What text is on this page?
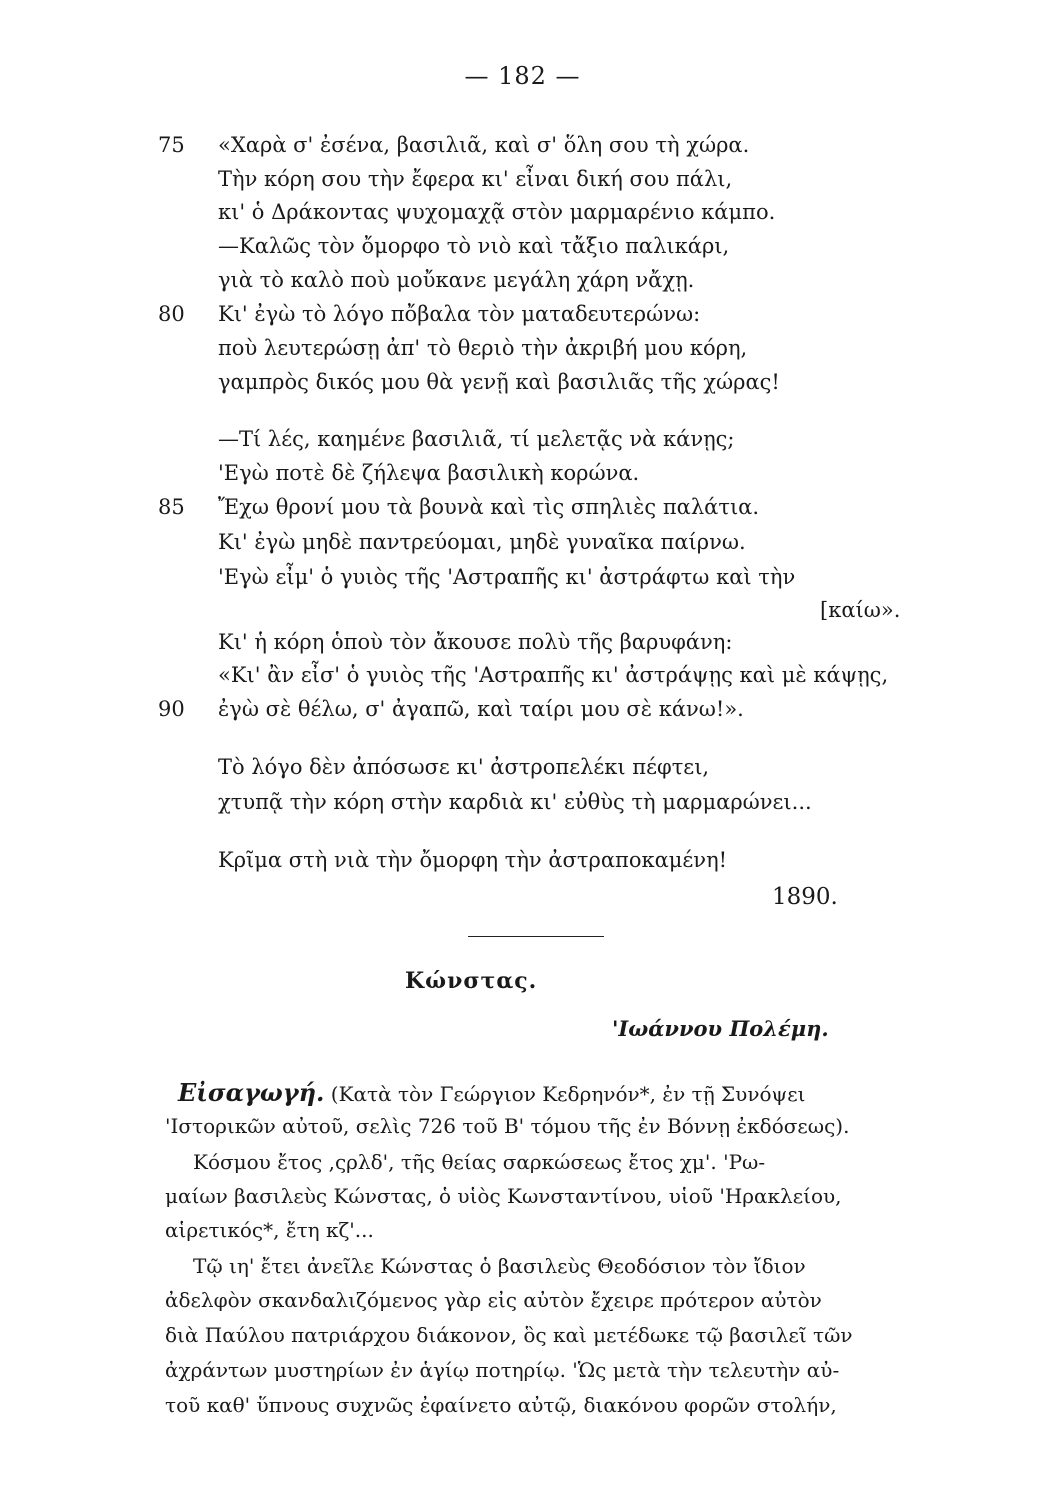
— 182 —
75 «Χαρὰ σ' ἐσένα, βασιλιᾶ, καὶ σ' ὅλη σου τὴ χώρα.
Τὴν κόρη σου τὴν ἔφερα κι' εἶναι δική σου πάλι,
κι' ὁ Δράκοντας ψυχομαχᾷ στὸν μαρμαρένιο κάμπο.
—Καλῶς τὸν ὄμορφο τὸ νιὸ καὶ τἄξιο παλικάρι,
γιὰ τὸ καλὸ ποὺ μοὔκανε μεγάλη χάρη νἄχῃ.
80 Κι' ἐγὼ τὸ λόγο πὄβαλα τὸν ματαδευτερώνω:
ποὺ λευτερώσῃ ἀπ' τὸ θεριὸ τὴν ἀκριβή μου κόρη,
γαμπρὸς δικός μου θὰ γενῇ καὶ βασιλιᾶς τῆς χώρας!
—Τί λές, καημένε βασιλιᾶ, τί μελετᾷς νὰ κάνῃς;
'Εγὼ ποτὲ δὲ ζήλεψα βασιλικὴ κορώνα.
85 Ἔχω θρονί μου τὰ βουνὰ καὶ τὶς σπηλιὲς παλάτια.
Κι' ἐγὼ μηδὲ παντρεύομαι, μηδὲ γυναῖκα παίρνω.
'Εγὼ εἶμ' ὁ γυιὸς τῆς 'Αστραπῆς κι' ἀστράφτω καὶ τὴν
[καίω».
Κι' ἡ κόρη ὁποὺ τὸν ἄκουσε πολὺ τῆς βαρυφάνη:
«Κι' ἂν εἶσ' ὁ γυιὸς τῆς 'Αστραπῆς κι' ἀστράψῃς καὶ μὲ κάψῃς,
90 ἐγὼ σὲ θέλω, σ' ἀγαπῶ, καὶ ταίρι μου σὲ κάνω!».
Τὸ λόγο δὲν ἀπόσωσε κι' ἀστροπελέκι πέφτει,
χτυπᾷ τὴν κόρη στὴν καρδιὰ κι' εὐθὺς τὴ μαρμαρώνει...
Κρῖμα στὴ νιὰ τὴν ὄμορφη τὴν ἀστραποκαμένη!
1890.
Κώνστας.
'Ιωάννου Πολέμη.
Εἰσαγωγή. (Κατὰ τὸν Γεώργιον Κεδρηνόν*, ἐν τῇ Συνόψει
'Ιστορικῶν αὐτοῦ, σελὶς 726 τοῦ Β' τόμου τῆς ἐν Βόννῃ ἐκδόσεως).
Κόσμου ἔτος ,ςρλδ', τῆς θείας σαρκώσεως ἔτος χμ'. 'Ρω-
μαίων βασιλεὺς Κώνστας, ὁ υἱὸς Κωνσταντίνου, υἱοῦ 'Ηρακλείου,
αἱρετικός*, ἔτη κζ'...
Τῷ ιη' ἔτει ἀνεῖλε Κώνστας ὁ βασιλεὺς Θεοδόσιον τὸν ἴδιον
ἀδελφὸν σκανδαλιζόμενος γὰρ εἰς αὐτὸν ἔχειρε πρότερον αὐτὸν
διὰ Παύλου πατριάρχου διάκονον, ὃς καὶ μετέδωκε τῷ βασιλεῖ τῶν
ἀχράντων μυστηρίων ἐν ἁγίῳ ποτηρίῳ. 'Ὡς μετὰ τὴν τελευτὴν αὐ-
τοῦ καθ' ὕπνους συχνῶς ἐφαίνετο αὐτῷ, διακόνου φορῶν στολήν,
